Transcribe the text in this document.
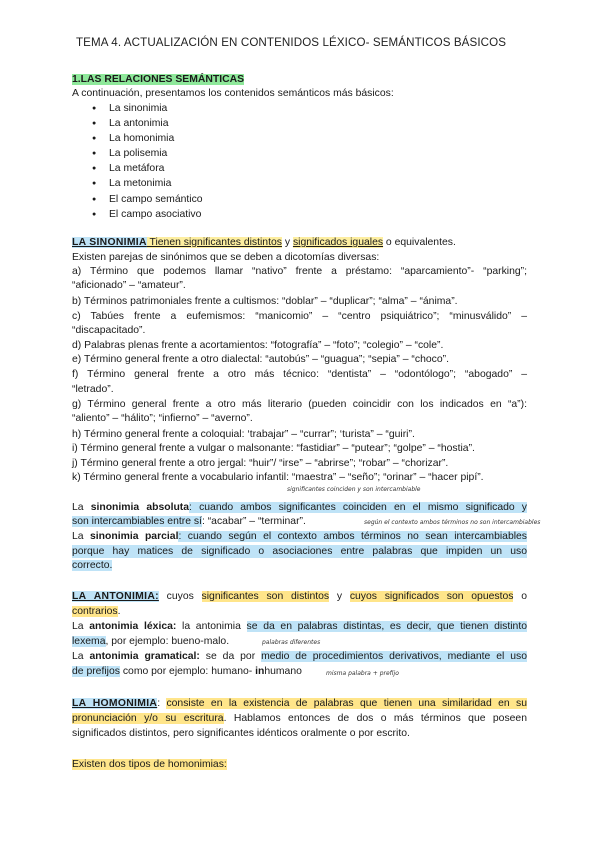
TEMA 4. ACTUALIZACIÓN EN CONTENIDOS LÉXICO- SEMÁNTICOS BÁSICOS
1.LAS RELACIONES SEMÁNTICAS
A continuación, presentamos los contenidos semánticos más básicos:
● La sinonimia
● La antonimia
● La homonimia
● La polisemia
● La metáfora
● La metonimia
● El campo semántico
● El campo asociativo
LA SINONIMIA Tienen significantes distintos y significados iguales o equivalentes.
Existen parejas de sinónimos que se deben a dicotomías diversas:
a) Término que podemos llamar “nativo” frente a préstamo: “aparcamiento”- “parking”;
“aficionado” – “amateur”.
b) Términos patrimoniales frente a cultismos: “doblar” – “duplicar”; “alma” – “ánima”.
c) Tabúes frente a eufemismos: “manicomio” – “centro psiquiátrico”; “minusválido” –
“discapacitado”.
d) Palabras plenas frente a acortamientos: “fotografía” – “foto”; “colegio” – “cole”.
e) Término general frente a otro dialectal: “autobús” – “guagua”; “sepia” – “choco”.
f) Término general frente a otro más técnico: “dentista” – “odontólogo”; “abogado” –
“letrado”.
g) Término general frente a otro más literario (pueden coincidir con los indicados en “a”):
“aliento” – “hálito”; “infierno” – “averno”.
h) Término general frente a coloquial: ‘trabajar” – “currar”; ‘turista” – “guiri”.
i) Término general frente a vulgar o malsonante: “fastidiar” – “putear”; “golpe” – “hostia”.
j) Término general frente a otro jergal: “huir”/ “irse” – “abrirse”; “robar” – “chorizar”.
k) Término general frente a vocabulario infantil: “maestra” – “seño”; “orinar” – “hacer pipí”.
significantes coinciden y son intercambiable
La sinonimia absoluta: cuando ambos significantes coinciden en el mismo significado y
son intercambiables entre sí: “acabar” – “terminar”.	según el contexto ambos términos no son intercambiables
La sinonimia parcial: cuando según el contexto ambos términos no sean intercambiables
porque hay matices de significado o asociaciones entre palabras que impiden un uso
correcto.
LA ANTONIMIA: cuyos significantes son distintos y cuyos significados son opuestos o
contrarios.
La antonimia léxica: la antonimia se da en palabras distintas, es decir, que tienen distinto
lexema, por ejemplo: bueno-malo.	palabras diferentes
La antonimia gramatical: se da por medio de procedimientos derivativos, mediante el uso
de prefijos como por ejemplo: humano- inhumano	misma palabra + prefijo
LA HOMONIMIA: consiste en la existencia de palabras que tienen una similaridad en su
pronunciación y/o su escritura. Hablamos entonces de dos o más términos que poseen
significados distintos, pero significantes idénticos oralmente o por escrito.
Existen dos tipos de homonimias:
